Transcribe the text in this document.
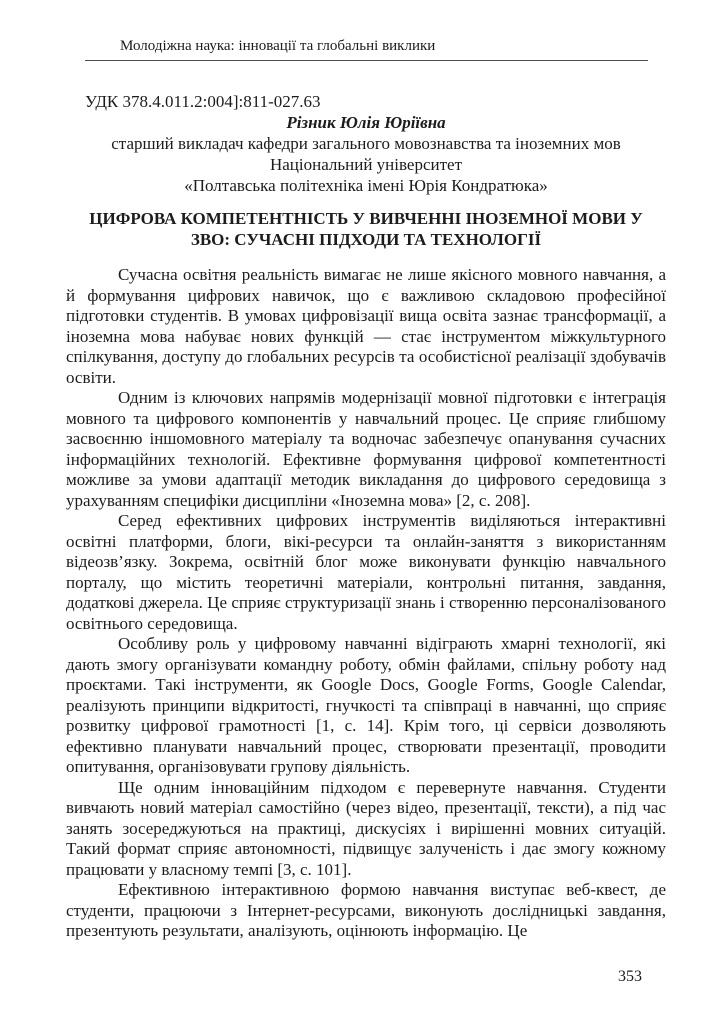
Молодіжна наука: інновації та глобальні виклики
УДК 378.4.011.2:004]:811-027.63
Різник Юлія Юріївна
старший викладач кафедри загального мовознавства та іноземних мов
Національний університет
«Полтавська політехніка імені Юрія Кондратюка»
ЦИФРОВА КОМПЕТЕНТНІСТЬ У ВИВЧЕННІ ІНОЗЕМНОЇ МОВИ У ЗВО: СУЧАСНІ ПІДХОДИ ТА ТЕХНОЛОГІЇ

Сучасна освітня реальність вимагає не лише якісного мовного навчання, а й формування цифрових навичок, що є важливою складовою професійної підготовки студентів. В умовах цифровізації вища освіта зазнає трансформації, а іноземна мова набуває нових функцій — стає інструментом міжкультурного спілкування, доступу до глобальних ресурсів та особистісної реалізації здобувачів освіти.

Одним із ключових напрямів модернізації мовної підготовки є інтеграція мовного та цифрового компонентів у навчальний процес. Це сприяє глибшому засвоєнню іншомовного матеріалу та водночас забезпечує опанування сучасних інформаційних технологій. Ефективне формування цифрової компетентності можливе за умови адаптації методик викладання до цифрового середовища з урахуванням специфіки дисципліни «Іноземна мова» [2, с. 208].

Серед ефективних цифрових інструментів виділяються інтерактивні освітні платформи, блоги, вікі-ресурси та онлайн-заняття з використанням відеозв’язку. Зокрема, освітній блог може виконувати функцію навчального порталу, що містить теоретичні матеріали, контрольні питання, завдання, додаткові джерела. Це сприяє структуризації знань і створенню персоналізованого освітнього середовища.

Особливу роль у цифровому навчанні відіграють хмарні технології, які дають змогу організувати командну роботу, обмін файлами, спільну роботу над проєктами. Такі інструменти, як Google Docs, Google Forms, Google Calendar, реалізують принципи відкритості, гнучкості та співпраці в навчанні, що сприяє розвитку цифрової грамотності [1, с. 14]. Крім того, ці сервіси дозволяють ефективно планувати навчальний процес, створювати презентації, проводити опитування, організовувати групову діяльність.

Ще одним інноваційним підходом є перевернуте навчання. Студенти вивчають новий матеріал самостійно (через відео, презентації, тексти), а під час занять зосереджуються на практиці, дискусіях і вирішенні мовних ситуацій. Такий формат сприяє автономності, підвищує залученість і дає змогу кожному працювати у власному темпі [3, с. 101].

Ефективною інтерактивною формою навчання виступає веб-квест, де студенти, працюючи з Інтернет-ресурсами, виконують дослідницькі завдання, презентують результати, аналізують, оцінюють інформацію. Це

353
